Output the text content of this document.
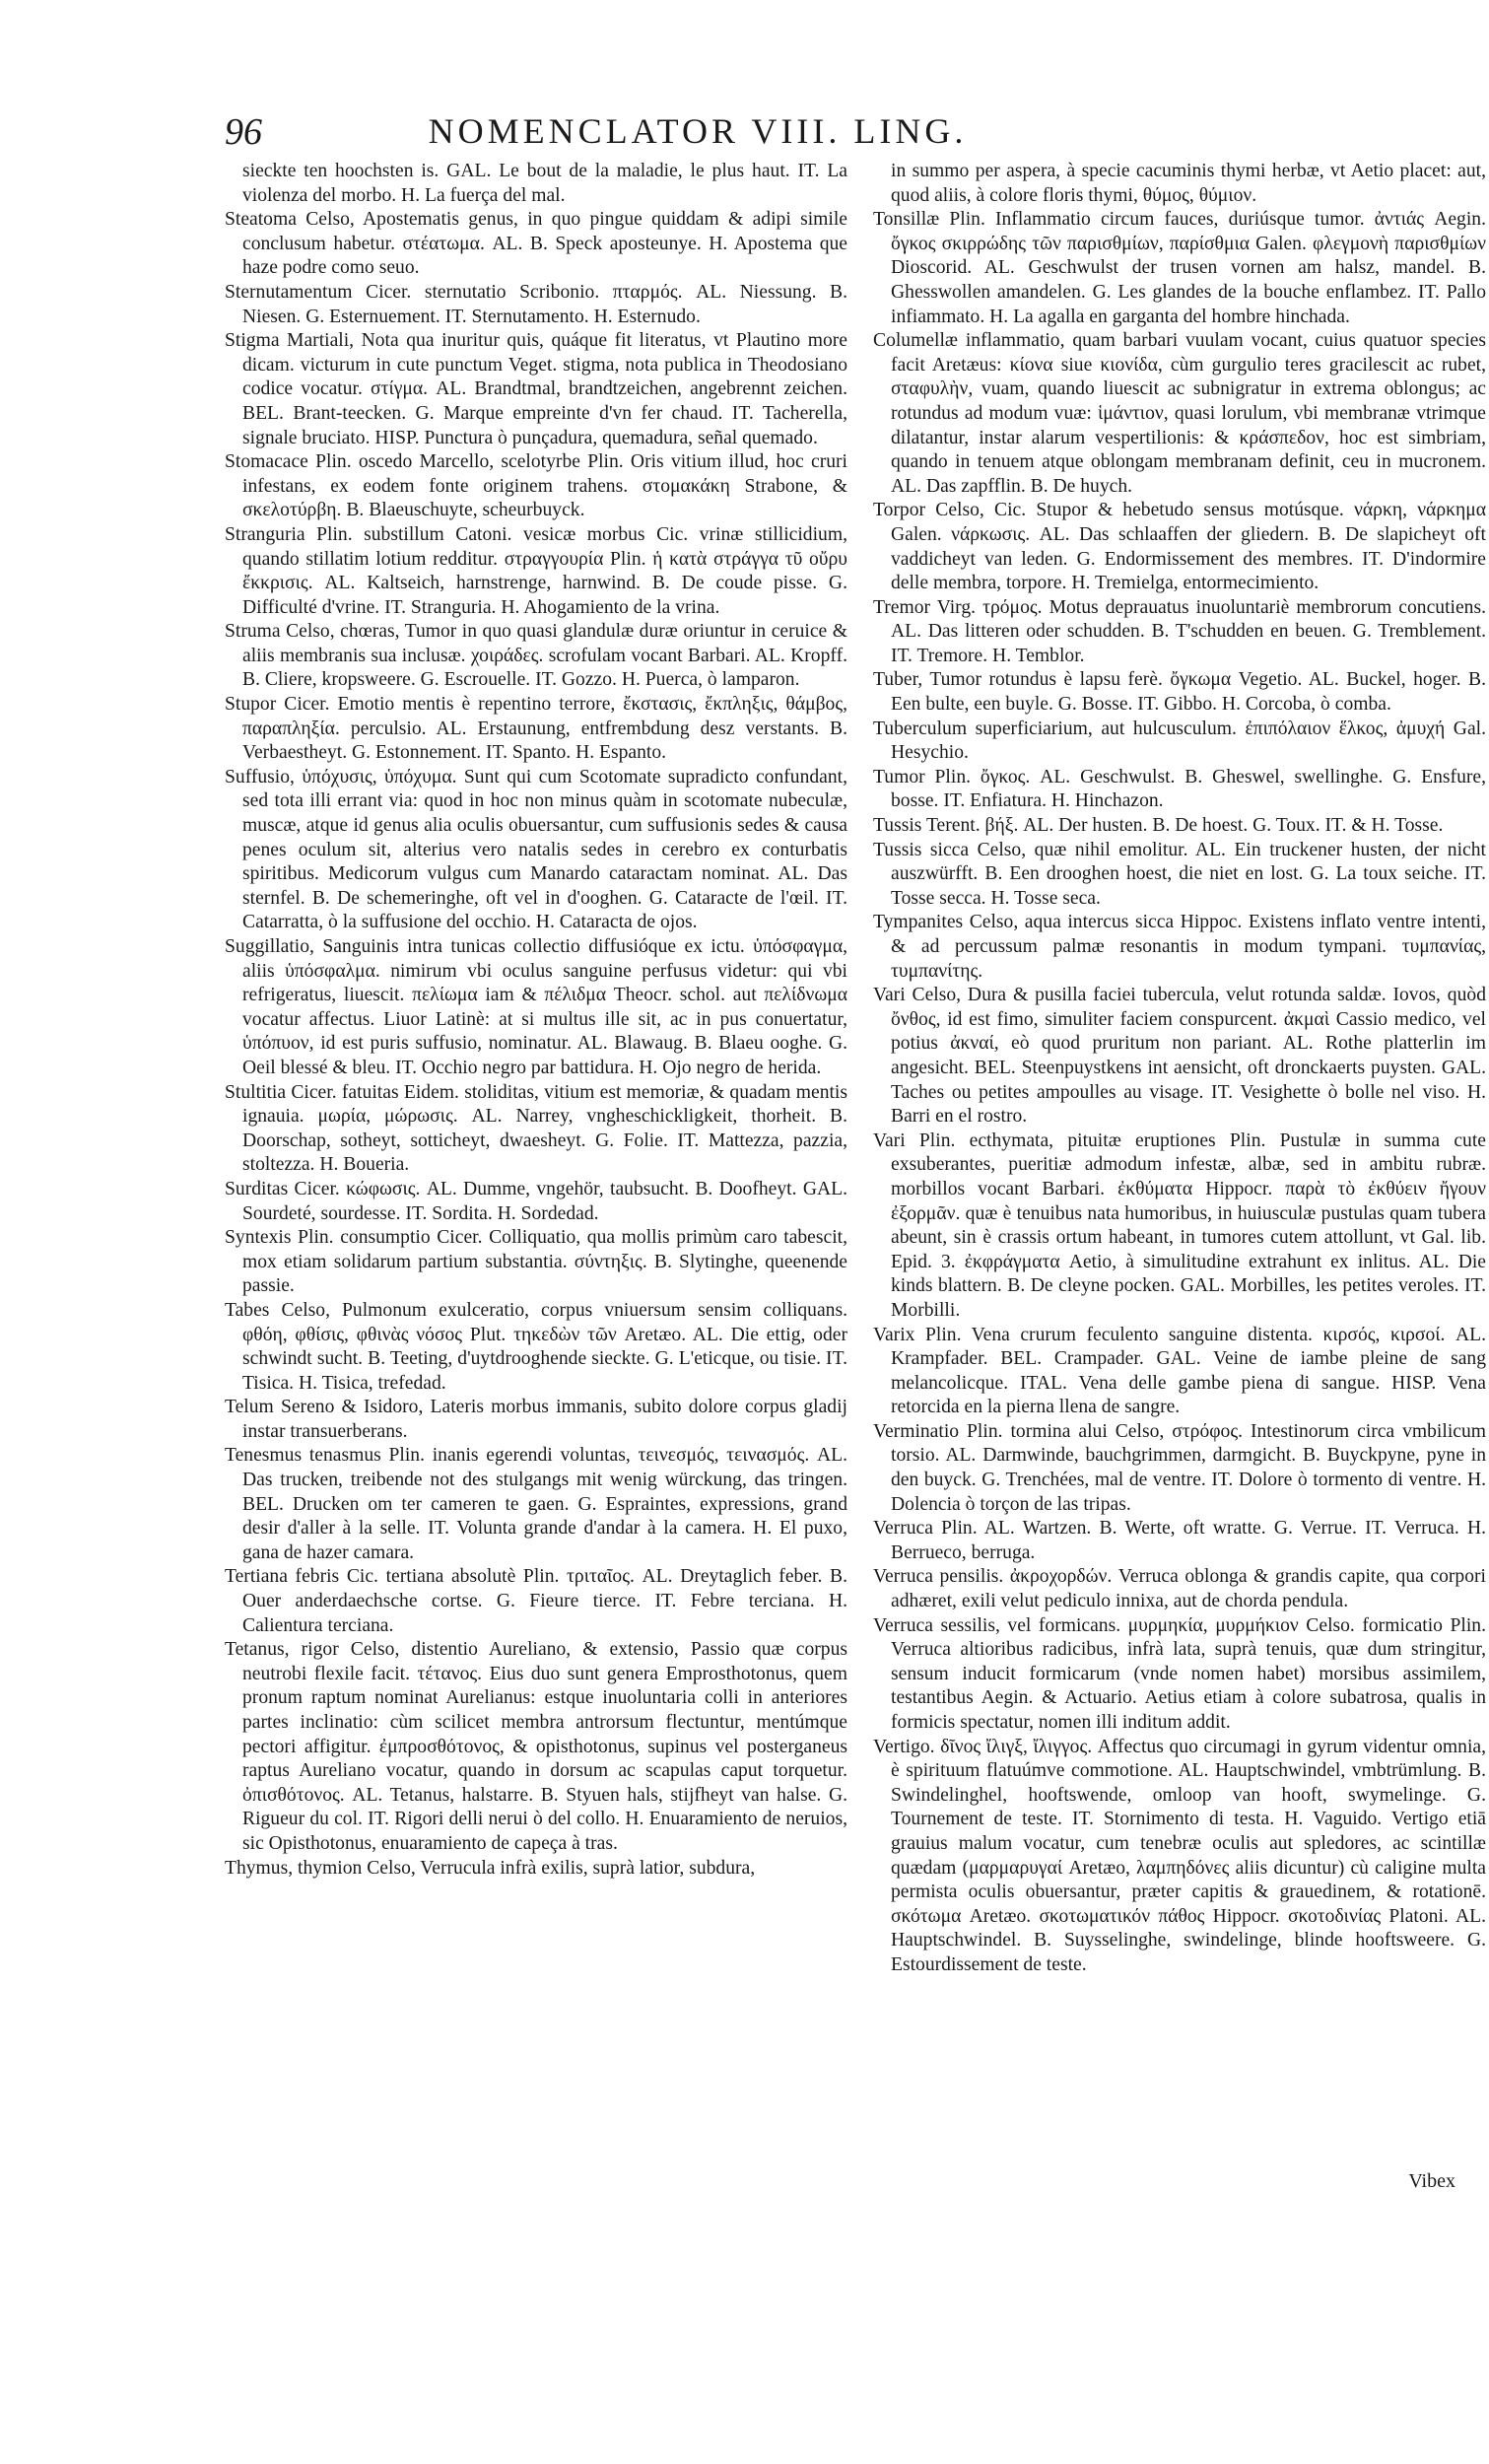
96	NOMENCLATOR VIII. LING.

sieckte ten hoochsten is. GAL. Le bout de la maladie, le plus haut. IT. La violenza del morbo. H. La fuerça del mal.

Steatoma Celso, Apostematis genus, in quo pingue quiddam & adipi simile conclusum habetur. στέατωμα. AL. B. Speck aposteunye. H. Apostema que haze podre como seuo.

Sternutamentum Cicer. sternutatio Scribonio. πταρμός. AL. Niessung. B. Niesen. G. Esternuement. IT. Sternutamento. H. Esternudo.

Stigma Martiali, Nota qua inuritur quis, quáque fit literatus, vt Plautino more dicam. victurum in cute punctum Veget. stigma, nota publica in Theodosiano codice vocatur. στίγμα. AL. Brandtmal, brandtzeichen, angebrennt zeichen. BEL. Brant-teecken. G. Marque empreinte d'vn fer chaud. IT. Tacherella, signale bruciato. HISP. Punctura ò punçadura, quemadura, señal quemado.

Stomacace Plin. oscedo Marcello, scelotyrbe Plin. Oris vitium illud, hoc cruri infestans, ex eodem fonte originem trahens. στομακάκη Strabone, & σκελοτύρβη. B. Blaeuschuyte, scheurbuyck.

Stranguria Plin. substillum Catoni. vesicæ morbus Cic. vrinæ stillicidium, quando stillatim lotium redditur. στραγγουρία Plin. ἡ κατὰ στράγγα τῦ οὔρυ ἔκκρισις. AL. Kaltseich, harnstrenge, harnwind. B. De coude pisse. G. Difficulté d'vrine. IT. Stranguria. H. Ahogamiento de la vrina.

Struma Celso, chœras, Tumor in quo quasi glandulæ duræ oriuntur in ceruice & aliis membranis sua inclusæ. χοιράδες. scrofulam vocant Barbari. AL. Kropff. B. Cliere, kropsweere. G. Escrouelle. IT. Gozzo. H. Puerca, ò lamparon.

Stupor Cicer. Emotio mentis è repentino terrore, ἔκστασις, ἔκπληξις, θάμβος, παραπληξία. perculsio. AL. Erstaunung, entfrembdung desz verstants. B. Verbaestheyt. G. Estonnement. IT. Spanto. H. Espanto.

Suffusio, ὑπόχυσις, ὑπόχυμα. Sunt qui cum Scotomate supradicto confundant, sed tota illi errant via: quod in hoc non minus quàm in scotomate nubeculæ, muscæ, atque id genus alia oculis obuersantur, cum suffusionis sedes & causa penes oculum sit, alterius vero natalis sedes in cerebro ex conturbatis spiritibus. Medicorum vulgus cum Manardo cataractam nominat. AL. Das sternfel. B. De schemeringhe, oft vel in d'ooghen. G. Cataracte de l'œil. IT. Catarratta, ò la suffusione del occhio. H. Cataracta de ojos.

Suggillatio, Sanguinis intra tunicas collectio diffusióque ex ictu. ὑπόσφαγμα, aliis ὑπόσφαλμα. nimirum vbi oculus sanguine perfusus videtur: qui vbi refrigeratus, liuescit. πελίωμα iam & πέλιδμα Theocr. schol. aut πελίδνωμα vocatur affectus. Liuor Latinè: at si multus ille sit, ac in pus conuertatur, ὑπόπυον, id est puris suffusio, nominatur. AL. Blawaug. B. Blaeu ooghe. G. Oeil blessé & bleu. IT. Occhio negro par battidura. H. Ojo negro de herida.

Stultitia Cicer. fatuitas Eidem. stoliditas, vitium est memoriæ, & quadam mentis ignauia. μωρία, μώρωσις. AL. Narrey, vngheschickligkeit, thorheit. B. Doorschap, sotheyt, sotticheyt, dwaesheyt. G. Folie. IT. Mattezza, pazzia, stoltezza. H. Boueria.

Surditas Cicer. κώφωσις. AL. Dumme, vngehör, taubsucht. B. Doofheyt. GAL. Sourdeté, sourdesse. IT. Sordita. H. Sordedad.

Syntexis Plin. consumptio Cicer. Colliquatio, qua mollis primùm caro tabescit, mox etiam solidarum partium substantia. σύντηξις. B. Slytinghe, queenende passie.

Tabes Celso, Pulmonum exulceratio, corpus vniuersum sensim colliquans. φθόη, φθίσις, φθινὰς νόσος Plut. τηκεδὼν τῶν Aretæo. AL. Die ettig, oder schwindt sucht. B. Teeting, d'uytdrooghende sieckte. G. L'eticque, ou tisie. IT. Tisica. H. Tisica, trefedad.

Telum Sereno & Isidoro, Lateris morbus immanis, subito dolore corpus gladij instar transuerberans.

Tenesmus tenasmus Plin. inanis egerendi voluntas, τεινεσμός, τεινασμός. AL. Das trucken, treibende not des stulgangs mit wenig würckung, das tringen. BEL. Drucken om ter cameren te gaen. G. Espraintes, expressions, grand desir d'aller à la selle. IT. Volunta grande d'andar à la camera. H. El puxo, gana de hazer camara.

Tertiana febris Cic. tertiana absolutè Plin. τριταῖος. AL. Dreytaglich feber. B. Ouer anderdaechsche cortse. G. Fieure tierce. IT. Febre terciana. H. Calientura terciana.

Tetanus, rigor Celso, distentio Aureliano, & extensio, Passio quæ corpus neutrobi flexile facit. τέτανος. Eius duo sunt genera Emprosthotonus, quem pronum raptum nominat Aurelianus: estque inuoluntaria colli in anteriores partes inclinatio: cùm scilicet membra antrorsum flectuntur, mentúmque pectori affigitur. ἐμπροσθότονος, & opisthotonus, supinus vel posterganeus raptus Aureliano vocatur, quando in dorsum ac scapulas caput torquetur. ὀπισθότονος. AL. Tetanus, halstarre. B. Styuen hals, stijfheyt van halse. G. Rigueur du col. IT. Rigori delli nerui ò del collo. H. Enuaramiento de neruios, sic Opisthotonus, enuaramiento de capeça à tras.

Thymus, thymion Celso, Verrucula infrà exilis, suprà latior, subdura,

in summo per aspera, à specie cacuminis thymi herbæ, vt Aetio placet: aut, quod aliis, à colore floris thymi, θύμος, θύμιον.

Tonsillæ Plin. Inflammatio circum fauces, duriúsque tumor. ἀντιάς Aegin. ὄγκος σκιρρώδης τῶν παρισθμίων, παρίσθμια Galen. φλεγμονὴ παρισθμίων Dioscorid. AL. Geschwulst der trusen vornen am halsz, mandel. B. Ghesswollen amandelen. G. Les glandes de la bouche enflambez. IT. Pallo infiammato. H. La agalla en garganta del hombre hinchada.

Columellæ inflammatio, quam barbari vuulam vocant, cuius quatuor species facit Aretæus: κίονα siue κιονίδα, cùm gurgulio teres gracilescit ac rubet, σταφυλὴν, vuam, quando liuescit ac subnigratur in extrema oblongus; ac rotundus ad modum vuæ: ἱμάντιον, quasi lorulum, vbi membranæ vtrimque dilatantur, instar alarum vespertilionis: & κράσπεδον, hoc est simbriam, quando in tenuem atque oblongam membranam definit, ceu in mucronem. AL. Das zapfflin. B. De huych.

Torpor Celso, Cic. Stupor & hebetudo sensus motúsque. νάρκη, νάρκημα Galen. νάρκωσις. AL. Das schlaaffen der gliedern. B. De slapicheyt oft vaddicheyt van leden. G. Endormissement des membres. IT. D'indormire delle membra, torpore. H. Tremielga, entormecimiento.

Tremor Virg. τρόμος. Motus deprauatus inuoluntariè membrorum concutiens. AL. Das litteren oder schudden. B. T'schudden en beuen. G. Tremblement. IT. Tremore. H. Temblor.

Tuber, Tumor rotundus è lapsu ferè. ὄγκωμα Vegetio. AL. Buckel, hoger. B. Een bulte, een buyle. G. Bosse. IT. Gibbo. H. Corcoba, ò comba.

Tuberculum superficiarium, aut hulcusculum. ἐπιπόλαιον ἕλκος, ἀμυχή Gal. Hesychio.

Tumor Plin. ὄγκος. AL. Geschwulst. B. Gheswel, swellinghe. G. Ensfure, bosse. IT. Enfiatura. H. Hinchazon.

Tussis Terent. βήξ. AL. Der husten. B. De hoest. G. Toux. IT. & H. Tosse.

Tussis sicca Celso, quæ nihil emolitur. AL. Ein truckener husten, der nicht auszwürfft. B. Een drooghen hoest, die niet en lost. G. La toux seiche. IT. Tosse secca. H. Tosse seca.

Tympanites Celso, aqua intercus sicca Hippoc. Existens inflato ventre intenti, & ad percussum palmæ resonantis in modum tympani. τυμπανίας, τυμπανίτης.

Vari Celso, Dura & pusilla faciei tubercula, velut rotunda saldæ. Iovos, quòd ὄνθος, id est fimo, simuliter faciem conspurcent. ἀκμαὶ Cassio medico, vel potius ἀκναί, eò quod pruritum non pariant. AL. Rothe platterlin im angesicht. BEL. Steenpuystkens int aensicht, oft dronckaerts puysten. GAL. Taches ou petites ampoulles au visage. IT. Vesighette ò bolle nel viso. H. Barri en el rostro.

Vari Plin. ecthymata, pituitæ eruptiones Plin. Pustulæ in summa cute exsuberantes, pueritiæ admodum infestæ, albæ, sed in ambitu rubræ. morbillos vocant Barbari. ἐκθύματα Hippocr. παρὰ τὸ ἐκθύειν ἤγουν ἐξορμᾶν. quæ è tenuibus nata humoribus, in huiusculæ pustulas quam tubera abeunt, sin è crassis ortum habeant, in tumores cutem attollunt, vt Gal. lib. Epid. 3. ἐκφράγματα Aetio, à simulitudine extrahunt ex inlitus. AL. Die kinds blattern. B. De cleyne pocken. GAL. Morbilles, les petites veroles. IT. Morbilli.

Varix Plin. Vena crurum feculento sanguine distenta. κιρσός, κιρσοί. AL. Krampfader. BEL. Crampader. GAL. Veine de iambe pleine de sang melancolicque. ITAL. Vena delle gambe piena di sangue. HISP. Vena retorcida en la pierna llena de sangre.

Verminatio Plin. tormina alui Celso, στρόφος. Intestinorum circa vmbilicum torsio. AL. Darmwinde, bauchgrimmen, darmgicht. B. Buyckpyne, pyne in den buyck. G. Trenchées, mal de ventre. IT. Dolore ò tormento di ventre. H. Dolencia ò torçon de las tripas.

Verruca Plin. AL. Wartzen. B. Werte, oft wratte. G. Verrue. IT. Verruca. H. Berrueco, berruga.

Verruca pensilis. ἀκροχορδών. Verruca oblonga & grandis capite, qua corpori adhæret, exili velut pediculo innixa, aut de chorda pendula.

Verruca sessilis, vel formicans. μυρμηκία, μυρμήκιον Celso. formicatio Plin. Verruca altioribus radicibus, infrà lata, suprà tenuis, quæ dum stringitur, sensum inducit formicarum (vnde nomen habet) morsibus assimilem, testantibus Aegin. & Actuario. Aetius etiam à colore subatrosa, qualis in formicis spectatur, nomen illi inditum addit.

Vertigo. δῖνος ἴλιγξ, ἴλιγγος. Affectus quo circumagi in gyrum videntur omnia, è spirituum flatuúmve commotione. AL. Hauptschwindel, vmbtrümlung. B. Swindelinghel, hooftswende, omloop van hooft, swymelinge. G. Tournement de teste. IT. Stornimento di testa. H. Vaguido. Vertigo etiā grauius malum vocatur, cum tenebræ oculis aut spledores, ac scintillæ quædam (μαρμαρυγαί Aretæo, λαμπηδόνες aliis dicuntur) cù caligine multa permista oculis obuersantur, præter capitis & grauedinem, & rotationē. σκότωμα Aretæo. σκοτωματικόν πάθος Hippocr. σκοτοδινίας Platoni. AL. Hauptschwindel. B. Suysselinghe, swindelinge, blinde hooftsweere. G. Estourdissement de teste.

Vibex
